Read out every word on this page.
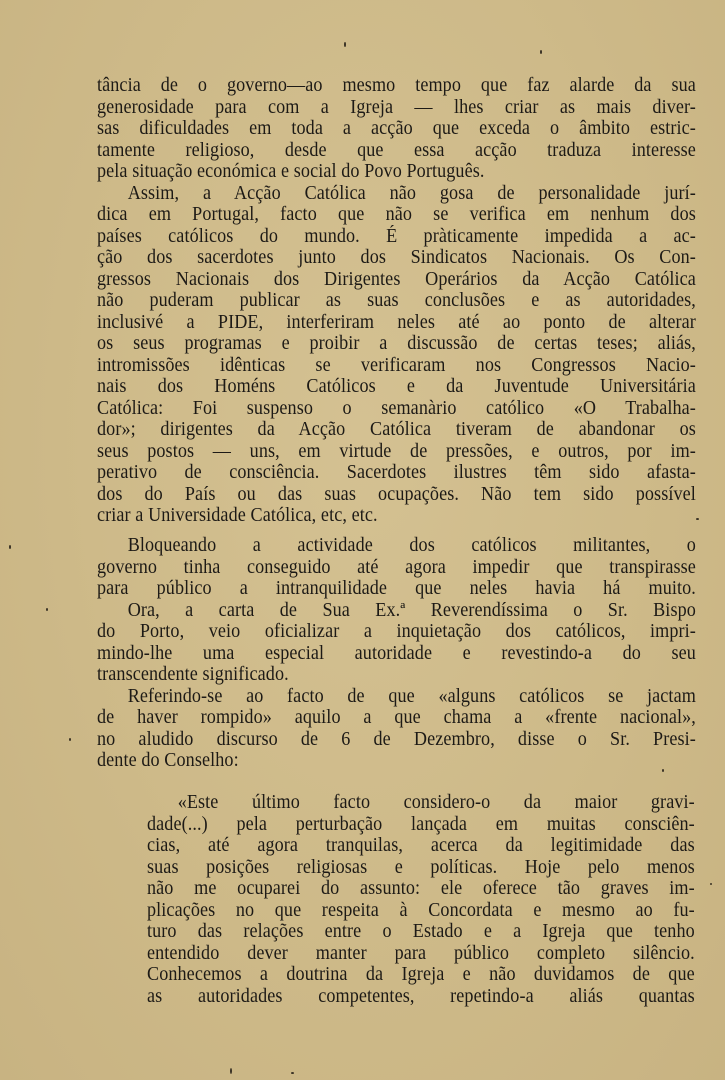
tância de o governo—ao mesmo tempo que faz alarde da sua
generosidade para com a Igreja — lhes criar as mais diver-
sas dificuldades em toda a acção que exceda o âmbito estric-
tamente religioso, desde que essa acção traduza interesse
pela situação económica e social do Povo Português.
Assim, a Acção Católica não gosa de personalidade jurí-
dica em Portugal, facto que não se verifica em nenhum dos
países católicos do mundo. É pràticamente impedida a ac-
ção dos sacerdotes junto dos Sindicatos Nacionais. Os Con-
gressos Nacionais dos Dirigentes Operários da Acção Católica
não puderam publicar as suas conclusões e as autoridades,
inclusivé a PIDE, interferiram neles até ao ponto de alterar
os seus programas e proibir a discussão de certas teses; aliás,
intromissões idênticas se verificaram nos Congressos Nacio-
nais dos Homéns Católicos e da Juventude Universitária
Católica: Foi suspenso o semanàrio católico «O Trabalha-
dor»; dirigentes da Acção Católica tiveram de abandonar os
seus postos — uns, em virtude de pressões, e outros, por im-
perativo de consciência. Sacerdotes ilustres têm sido afasta-
dos do País ou das suas ocupações. Não tem sido possível
criar a Universidade Católica, etc, etc.
Bloqueando a actividade dos católicos militantes, o
governo tinha conseguido até agora impedir que transpirasse
para público a intranquilidade que neles havia há muito.
Ora, a carta de Sua Ex.ª Reverendíssima o Sr. Bispo
do Porto, veio oficializar a inquietação dos católicos, impri-
mindo-lhe uma especial autoridade e revestindo-a do seu
transcendente significado.
Referindo-se ao facto de que «alguns católicos se jactam
de haver rompido» aquilo a que chama a «frente nacional»,
no aludido discurso de 6 de Dezembro, disse o Sr. Presi-
dente do Conselho:
«Este último facto considero-o da maior gravi-
dade(...) pela perturbação lançada em muitas consciên-
cias, até agora tranquilas, acerca da legitimidade das
suas posições religiosas e políticas. Hoje pelo menos
não me ocuparei do assunto: ele oferece tão graves im-
plicações no que respeita à Concordata e mesmo ao fu-
turo das relações entre o Estado e a Igreja que tenho
entendido dever manter para público completo silêncio.
Conhecemos a doutrina da Igreja e não duvidamos de que
as autoridades competentes, repetindo-a aliás quantas
